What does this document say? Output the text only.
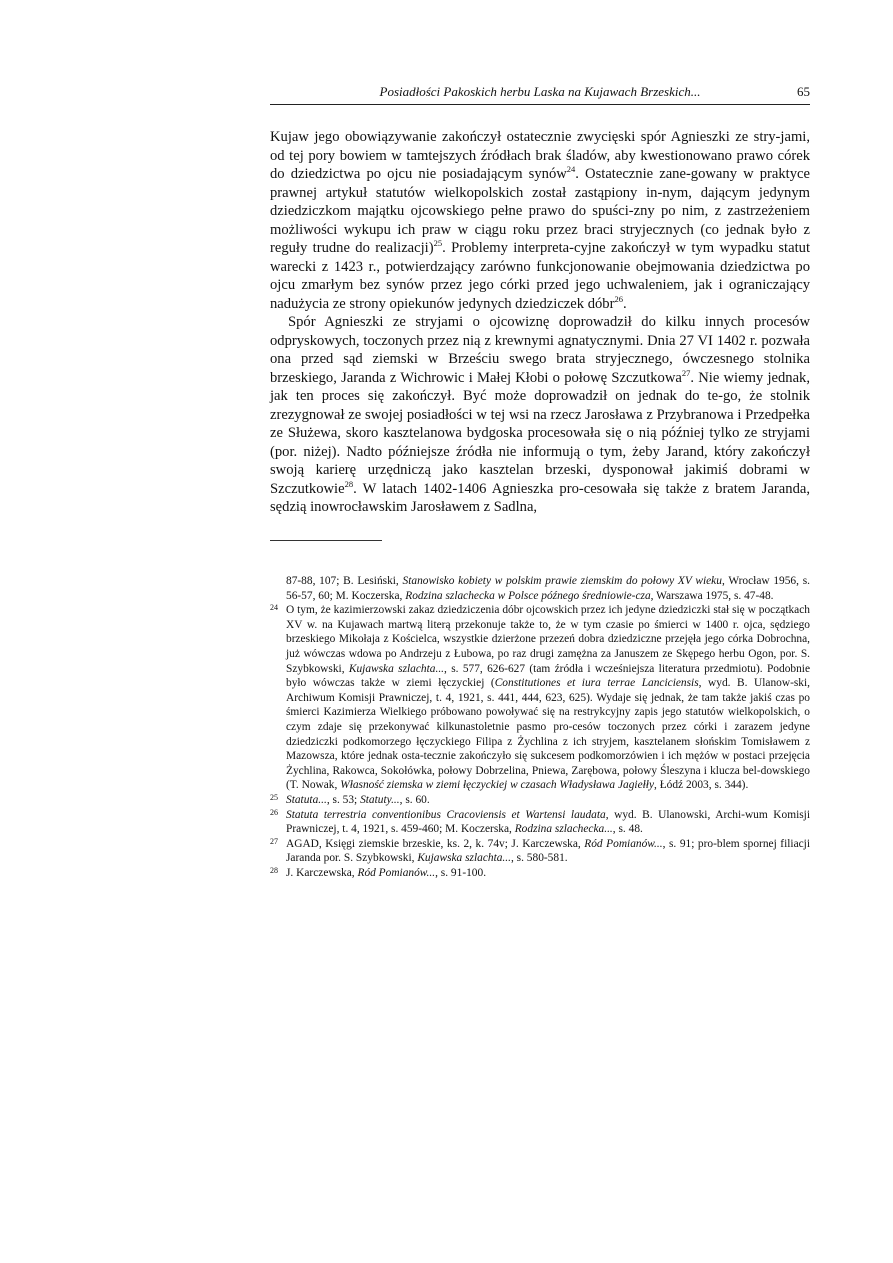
Posiadłości Pakoskich herbu Laska na Kujawach Brzeskich...	65

Kujaw jego obowiązywanie zakończył ostatecznie zwycięski spór Agnieszki ze stry-jami, od tej pory bowiem w tamtejszych źródłach brak śladów, aby kwestionowano prawo córek do dziedzictwa po ojcu nie posiadającym synów$^{24}$. Ostatecznie zane-gowany w praktyce prawnej artykuł statutów wielkopolskich został zastąpiony in-nym, dającym jedynym dziedziczkom majątku ojcowskiego pełne prawo do spuści-zny po nim, z zastrzeżeniem możliwości wykupu ich praw w ciągu roku przez braci stryjecznych (co jednak było z reguły trudne do realizacji)$^{25}$. Problemy interpreta-cyjne zakończył w tym wypadku statut warecki z 1423 r., potwierdzający zarówno funkcjonowanie obejmowania dziedzictwa po ojcu zmarłym bez synów przez jego córki przed jego uchwaleniem, jak i ograniczający nadużycia ze strony opiekunów jedynych dziedziczek dóbr$^{26}$.

Spór Agnieszki ze stryjami o ojcowiznę doprowadził do kilku innych procesów odpryskowych, toczonych przez nią z krewnymi agnatycznymi. Dnia 27 VI 1402 r. pozwała ona przed sąd ziemski w Brześciu swego brata stryjecznego, ówczesnego stolnika brzeskiego, Jaranda z Wichrowic i Małej Kłobi o połowę Szczutkowa$^{27}$. Nie wiemy jednak, jak ten proces się zakończył. Być może doprowadził on jednak do te-go, że stolnik zrezygnował ze swojej posiadłości w tej wsi na rzecz Jarosława z Przybranowa i Przedpełka ze Służewa, skoro kasztelanowa bydgoska procesowała się o nią później tylko ze stryjami (por. niżej). Nadto późniejsze źródła nie informują o tym, żeby Jarand, który zakończył swoją karierę urzędniczą jako kasztelan brzeski, dysponował jakimiś dobrami w Szczutkowie$^{28}$. W latach 1402-1406 Agnieszka pro-cesowała się także z bratem Jaranda, sędzią inowrocławskim Jarosławem z Sadlna,

87-88, 107; B. Lesiński, Stanowisko kobiety w polskim prawie ziemskim do połowy XV wieku, Wrocław 1956, s. 56-57, 60; M. Koczerska, Rodzina szlachecka w Polsce późnego średniowie-cza, Warszawa 1975, s. 47-48.

24 O tym, że kazimierzowski zakaz dziedziczenia dóbr ojcowskich przez ich jedyne dziedziczki stał się w początkach XV w. na Kujawach martwą literą przekonuje także to, że w tym czasie po śmierci w 1400 r. ojca, sędziego brzeskiego Mikołaja z Kościelca, wszystkie dzierżone przezeń dobra dziedziczne przejęła jego córka Dobrochna, już wówczas wdowa po Andrzeju z Łubowa, po raz drugi zamężna za Januszem ze Skępego herbu Ogon, por. S. Szybkowski, Kujawska szlachta..., s. 577, 626-627 (tam źródła i wcześniejsza literatura przedmiotu). Podobnie było wówczas także w ziemi łęczyckiej (Constitutiones et iura terrae Lanciciensis, wyd. B. Ulanow-ski, Archiwum Komisji Prawniczej, t. 4, 1921, s. 441, 444, 623, 625). Wydaje się jednak, że tam także jakiś czas po śmierci Kazimierza Wielkiego próbowano powoływać się na restrykcyjny zapis jego statutów wielkopolskich, o czym zdaje się przekonywać kilkunastoletnie pasmo pro-cesów toczonych przez córki i zarazem jedyne dziedziczki podkomorzego łęczyckiego Filipa z Żychlina z ich stryjem, kasztelanem słońskim Tomisławem z Mazowsza, które jednak osta-tecznie zakończyło się sukcesem podkomorzówien i ich mężów w postaci przejęcia Żychlina, Rakowca, Sokołówka, połowy Dobrzelina, Pniewa, Zarębowa, połowy Śleszyna i klucza bel-dowskiego (T. Nowak, Własność ziemska w ziemi łęczyckiej w czasach Władysława Jagiełły, Łódź 2003, s. 344).

25 Statuta..., s. 53; Statuty..., s. 60.

26 Statuta terrestria conventionibus Cracoviensis et Wartensi laudata, wyd. B. Ulanowski, Archi-wum Komisji Prawniczej, t. 4, 1921, s. 459-460; M. Koczerska, Rodzina szlachecka..., s. 48.

27 AGAD, Księgi ziemskie brzeskie, ks. 2, k. 74v; J. Karczewska, Ród Pomianów..., s. 91; pro-blem spornej filiacji Jaranda por. S. Szybkowski, Kujawska szlachta..., s. 580-581.

28 J. Karczewska, Ród Pomianów..., s. 91-100.
